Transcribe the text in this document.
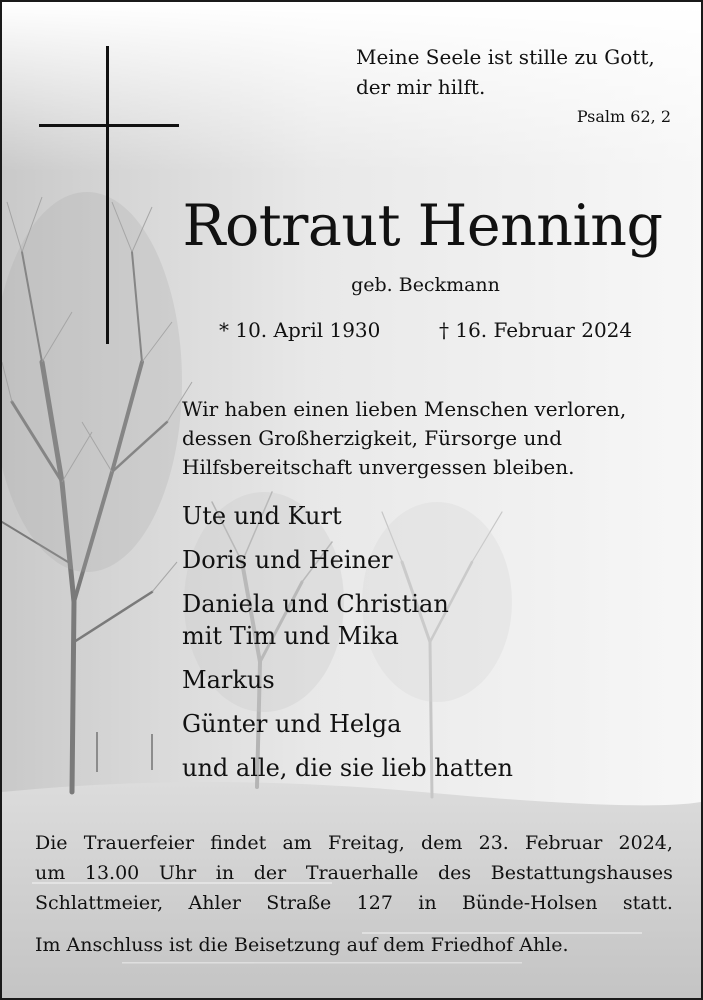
Meine Seele ist stille zu Gott,
der mir hilft.
Psalm 62, 2
Rotraut Henning
geb. Beckmann
* 10. April 1930	† 16. Februar 2024
Wir haben einen lieben Menschen verloren,
dessen Großherzigkeit, Fürsorge und
Hilfsbereitschaft unvergessen bleiben.
Ute und Kurt
Doris und Heiner
Daniela und Christian
mit Tim und Mika
Markus
Günter und Helga
und alle, die sie lieb hatten
Die Trauerfeier findet am Freitag, dem 23. Februar 2024,
um 13.00 Uhr in der Trauerhalle des Bestattungshauses
Schlattmeier, Ahler Straße 127 in Bünde-Holsen statt.
Im Anschluss ist die Beisetzung auf dem Friedhof Ahle.
